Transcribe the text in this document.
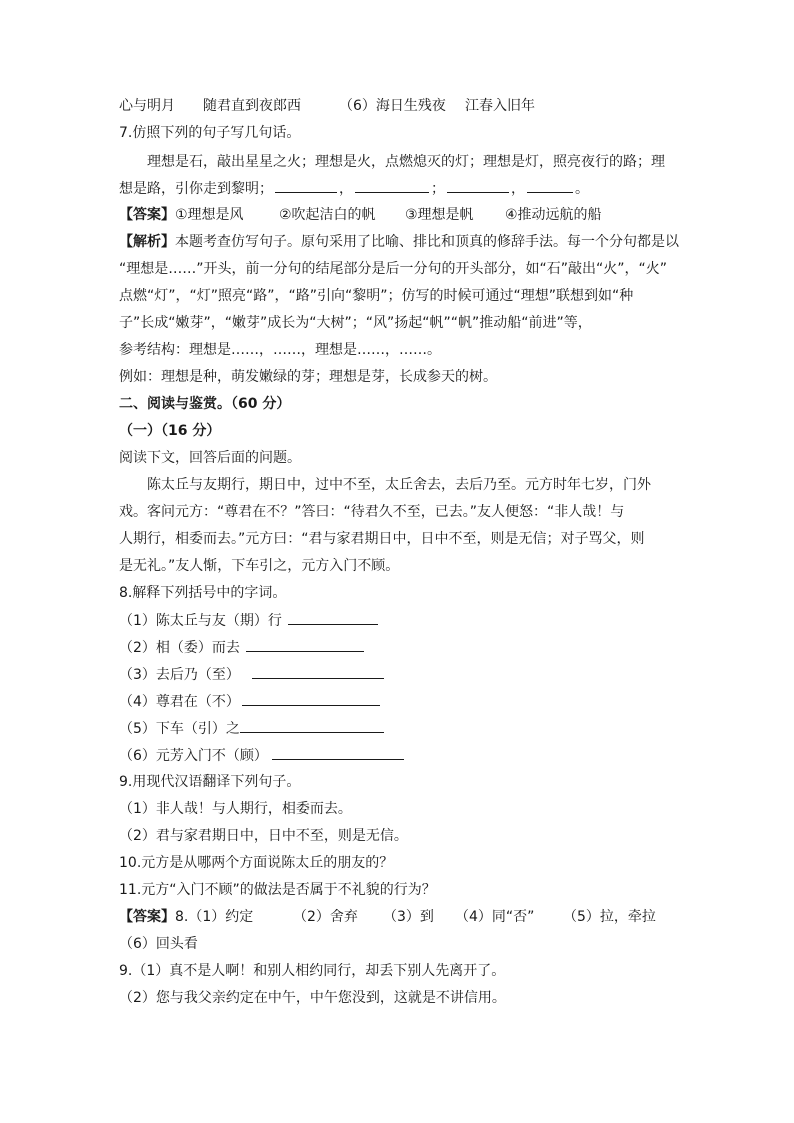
心与明月 随君直到夜郎西	（6）海日生残夜 江春入旧年
7.仿照下列的句子写几句话。
理想是石，敲出星星之火；理想是火，点燃熄灭的灯；理想是灯，照亮夜行的路；理
想是路，引你走到黎明；	，	；	，	。
【答案】①理想是风	②吹起洁白的帆 ③理想是帆 ④推动远航的船
【解析】本题考查仿写句子。原句采用了比喻、排比和顶真的修辞手法。每一个分句都是以
“理想是……”开头，前一分句的结尾部分是后一分句的开头部分，如“石”敲出“火”，“火”
点燃“灯”，“灯”照亮“路”，“路”引向“黎明”；仿写的时候可通过“理想”联想到如“种
子”长成“嫩芽”，“嫩芽”成长为“大树”；“风”扬起“帆”“帆”推动船“前进”等，
参考结构：理想是……，……，理想是……，……。
例如：理想是种，萌发嫩绿的芽；理想是芽，长成参天的树。
二、阅读与鉴赏。（60 分）
（一）（16 分）
阅读下文，回答后面的问题。
陈太丘与友期行，期日中，过中不至，太丘舍去，去后乃至。元方时年七岁，门外
戏。客问元方：“尊君在不？”答曰：“待君久不至，已去。”友人便怒：“非人哉！与
人期行，相委而去。”元方曰：“君与家君期日中，日中不至，则是无信；对子骂父，则
是无礼。”友人惭，下车引之，元方入门不顾。
8.解释下列括号中的字词。
（1）陈太丘与友（期）行
（2）相（委）而去
（3）去后乃（至）
（4）尊君在（不）
（5）下车（引）之
（6）元芳入门不（顾）
9.用现代汉语翻译下列句子。
（1）非人哉！与人期行，相委而去。
（2）君与家君期日中，日中不至，则是无信。
10.元方是从哪两个方面说陈太丘的朋友的？
11.元方“入门不顾”的做法是否属于不礼貌的行为？
【答案】8.（1）约定	（2）舍弃 （3）到 （4）同“否” （5）拉，牵拉
（6）回头看
9.（1）真不是人啊！和别人相约同行，却丢下别人先离开了。
（2）您与我父亲约定在中午，中午您没到，这就是不讲信用。
